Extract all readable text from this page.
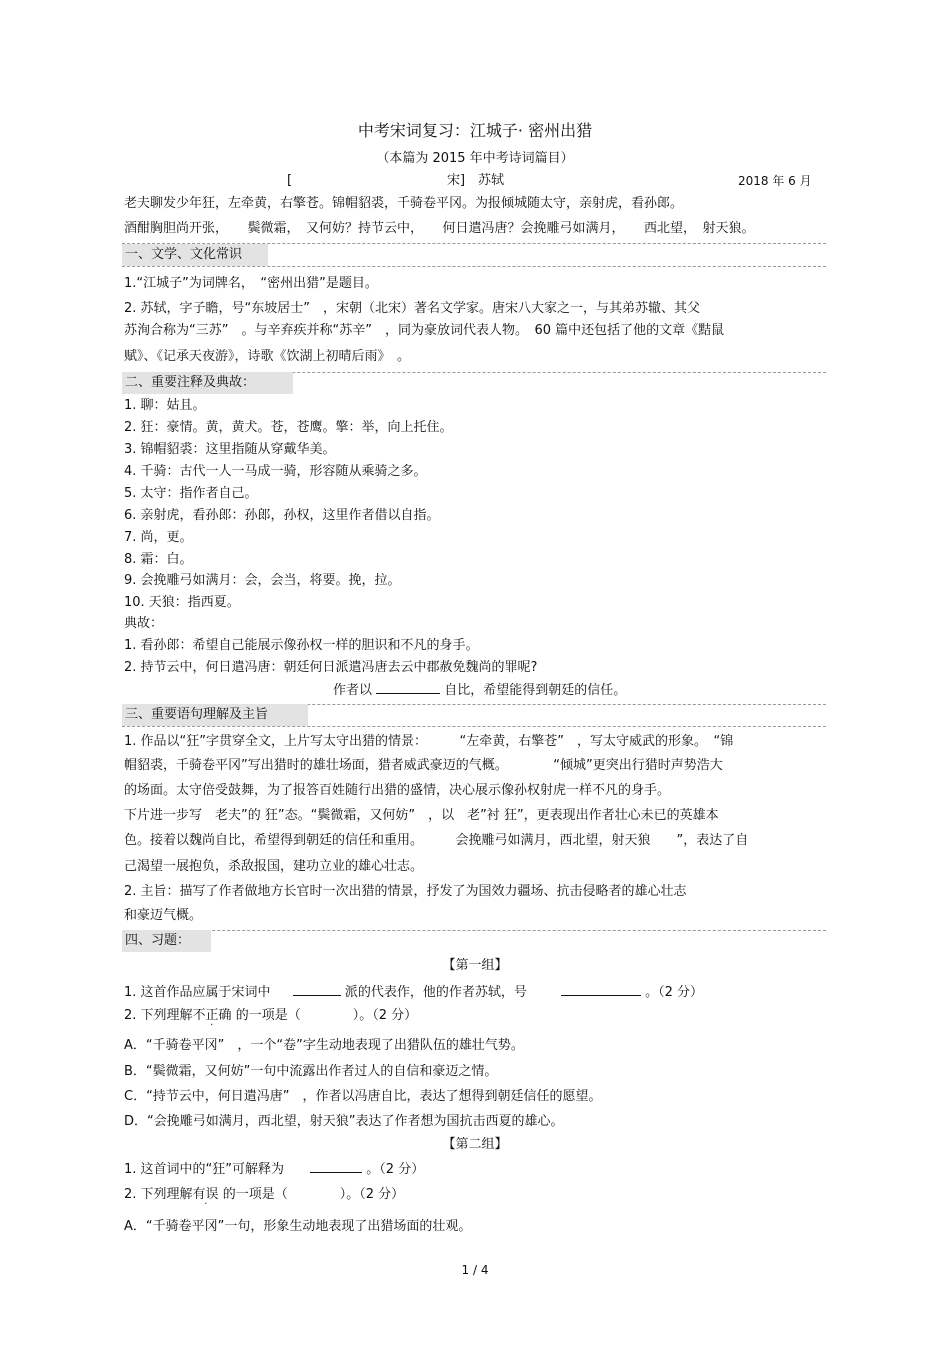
中考宋词复习：江城子· 密州出猎
（本篇为 2015 年中考诗词篇目）
[	宋] 苏轼	2018 年 6 月
老夫聊发少年狂，左牵黄，右擎苍。锦帽貂裘，千骑卷平冈。为报倾城随太守，亲射虎，看孙郎。
酒酣胸胆尚开张，　　鬓微霜，　又何妨？持节云中，　　何日遣冯唐？会挽雕弓如满月，　　西北望，　射天狼。
一、文学、文化常识
1.“江城子”为词牌名，　“密州出猎”是题目。
2. 苏轼，字子瞻，号“东坡居士”　，宋朝（北宋）著名文学家。唐宋八大家之一，与其弟苏辙、其父
苏洵合称为“三苏”　。与辛弃疾并称“苏辛”　，同为豪放词代表人物。　60 篇中还包括了他的文章《黠鼠
赋》、《记承天夜游》，诗歌《饮湖上初晴后雨》　。
二、重要注释及典故：
1. 聊：姑且。
2. 狂：豪情。黄，黄犬。苍，苍鹰。擎：举，向上托住。
3. 锦帽貂裘：这里指随从穿戴华美。
4. 千骑：古代一人一马成一骑，形容随从乘骑之多。
5. 太守：指作者自己。
6. 亲射虎，看孙郎：孙郎，孙权，这里作者借以自指。
7. 尚，更。
8. 霜：白。
9. 会挽雕弓如满月：会，会当，将要。挽，拉。
10. 天狼：指西夏。
典故：
1. 看孙郎：希望自己能展示像孙权一样的胆识和不凡的身手。
2. 持节云中，何日遣冯唐：朝廷何日派遣冯唐去云中郡赦免魏尚的罪呢?
作者以	自比，希望能得到朝廷的信任。
三、重要语句理解及主旨
1. 作品以“狂”字贯穿全文，上片写太守出猎的情景：　　　“左牵黄，右擎苍”　，写太守威武的形象。　“锦
帽貂裘，千骑卷平冈”写出猎时的雄壮场面，猎者威武豪迈的气概。　　　　“倾城”更突出行猎时声势浩大
的场面。太守倍受鼓舞，为了报答百姓随行出猎的盛情，决心展示像孙权射虎一样不凡的身手。
下片进一步写　老夫”的 狂”态。“鬓微霜，又何妨”　，以　老”衬 狂”，更表现出作者壮心未已的英雄本
色。接着以魏尚自比，希望得到朝廷的信任和重用。　　　会挽雕弓如满月，西北望，射天狼　　”，表达了自
己渴望一展抱负，杀敌报国，建功立业的雄心壮志。
2. 主旨：描写了作者做地方长官时一次出猎的情景，抒发了为国效力疆场、抗击侵略者的雄心壮志
和豪迈气概。
四、习题：
【第一组】
1. 这首作品应属于宋词中	派的代表作，他的作者苏轼，号	。（2 分）
2. 下列理解不正确 的一项是（　　　　）。（2 分）
A．“千骑卷平冈”　，一个“卷”字生动地表现了出猎队伍的雄壮气势。
B．“鬓微霜，又何妨”一句中流露出作者过人的自信和豪迈之情。
C．“持节云中，何日遣冯唐”　，作者以冯唐自比，表达了想得到朝廷信任的愿望。
D．“会挽雕弓如满月，西北望，射天狼”表达了作者想为国抗击西夏的雄心。
【第二组】
1. 这首词中的“狂”可解释为	。（2 分）
2. 下列理解有误 的一项是（　　　　）。（2 分）
A．“千骑卷平冈”一句，形象生动地表现了出猎场面的壮观。
1 / 4
